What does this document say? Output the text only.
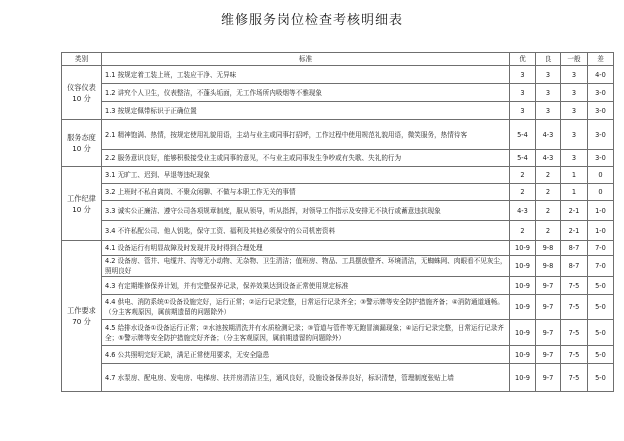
维修服务岗位检查考核明细表
类别	标准	优	良	一般	差

仪容仪表
10 分	1.1 按规定着工装上班，工装应干净、无异味	3	3	3	4-0
	1.2 讲究个人卫生，仪表整洁，不蓬头垢面，无工作场所内吸烟等不雅现象	3	3	3	3-0
	1.3 按规定佩带标识于正确位置	3	3	3	3-0

服务态度
10 分	2.1 精神饱满、热情，按规定使用礼貌用语，主动与业主或同事打招呼，工作过程中使用规范礼貌用语，微笑服务，热情待客	5-4	4-3	3	3-0
	2.2 服务意识良好，能够积极接受业主或同事的意见，不与业主或同事发生争吵或有失歌、失礼的行为	5-4	4-3	3	3-0

工作纪律
10 分	3.1 无旷工、迟到、早退等违纪现象	2	2	1	0
	3.2 上班时不私自离岗、不聚众闲聊、不做与本职工作无关的事情	2	2	1	0
	3.3 诚实公正廉洁、遵守公司各项规章制度，服从领导，听从指挥，对领导工作指示及安排无不执行或蓄意违抗现象	4-3	2	2-1	1-0
	3.4 不许私配公司、他人钥匙，保守工资、福利及其他必须保守的公司机密资料	2	2	2-1	1-0

工作要求
70 分	4.1 设备运行有明显故障及时发现并及时得到合理处理	10-9	9-8	8-7	7-0
	4.2 设备房、管井、电缆井、沟等无小动物、无杂物、卫生清洁；值班房、物品、工具摆放整齐、环境清洁，无蜘蛛网、肉眼看不见灰尘，照明良好	10-9	9-8	8-7	7-0
	4.3 有定期维修保养计划，并有完整保养记录，保养效果达到设备正常使用规定标准	10-9	9-7	7-5	5-0
	4.4 供电、消防系统①设备设施完好，运行正常；②运行记录完整，日常运行记录齐全；③警示牌等安全防护措施齐备；④消防通道通畅。（分主客观原因，属前期遗留的问题除外）	10-9	9-7	7-5	5-0
	4.5 给排水设备①设备运行正常；②水池按期清洗并有水质检测记录；③管道与管件等无跑冒滴漏现象；④运行记录完整，日常运行记录齐全；⑤警示牌等安全防护措施完好齐备；（分主客观原因，属前期遗留的问题除外）	10-9	9-7	7-5	5-0
	4.6 公共照明完好无缺，满足正常使用要求，无安全隐患	10-9	9-7	7-5	5-0
	4.7 水泵房、配电房、发电房、电梯房、扶并房清洁卫生，通风良好，设施设备保养良好，标识清楚，管理制度张贴上墙	10-9	9-7	7-5	5-0
